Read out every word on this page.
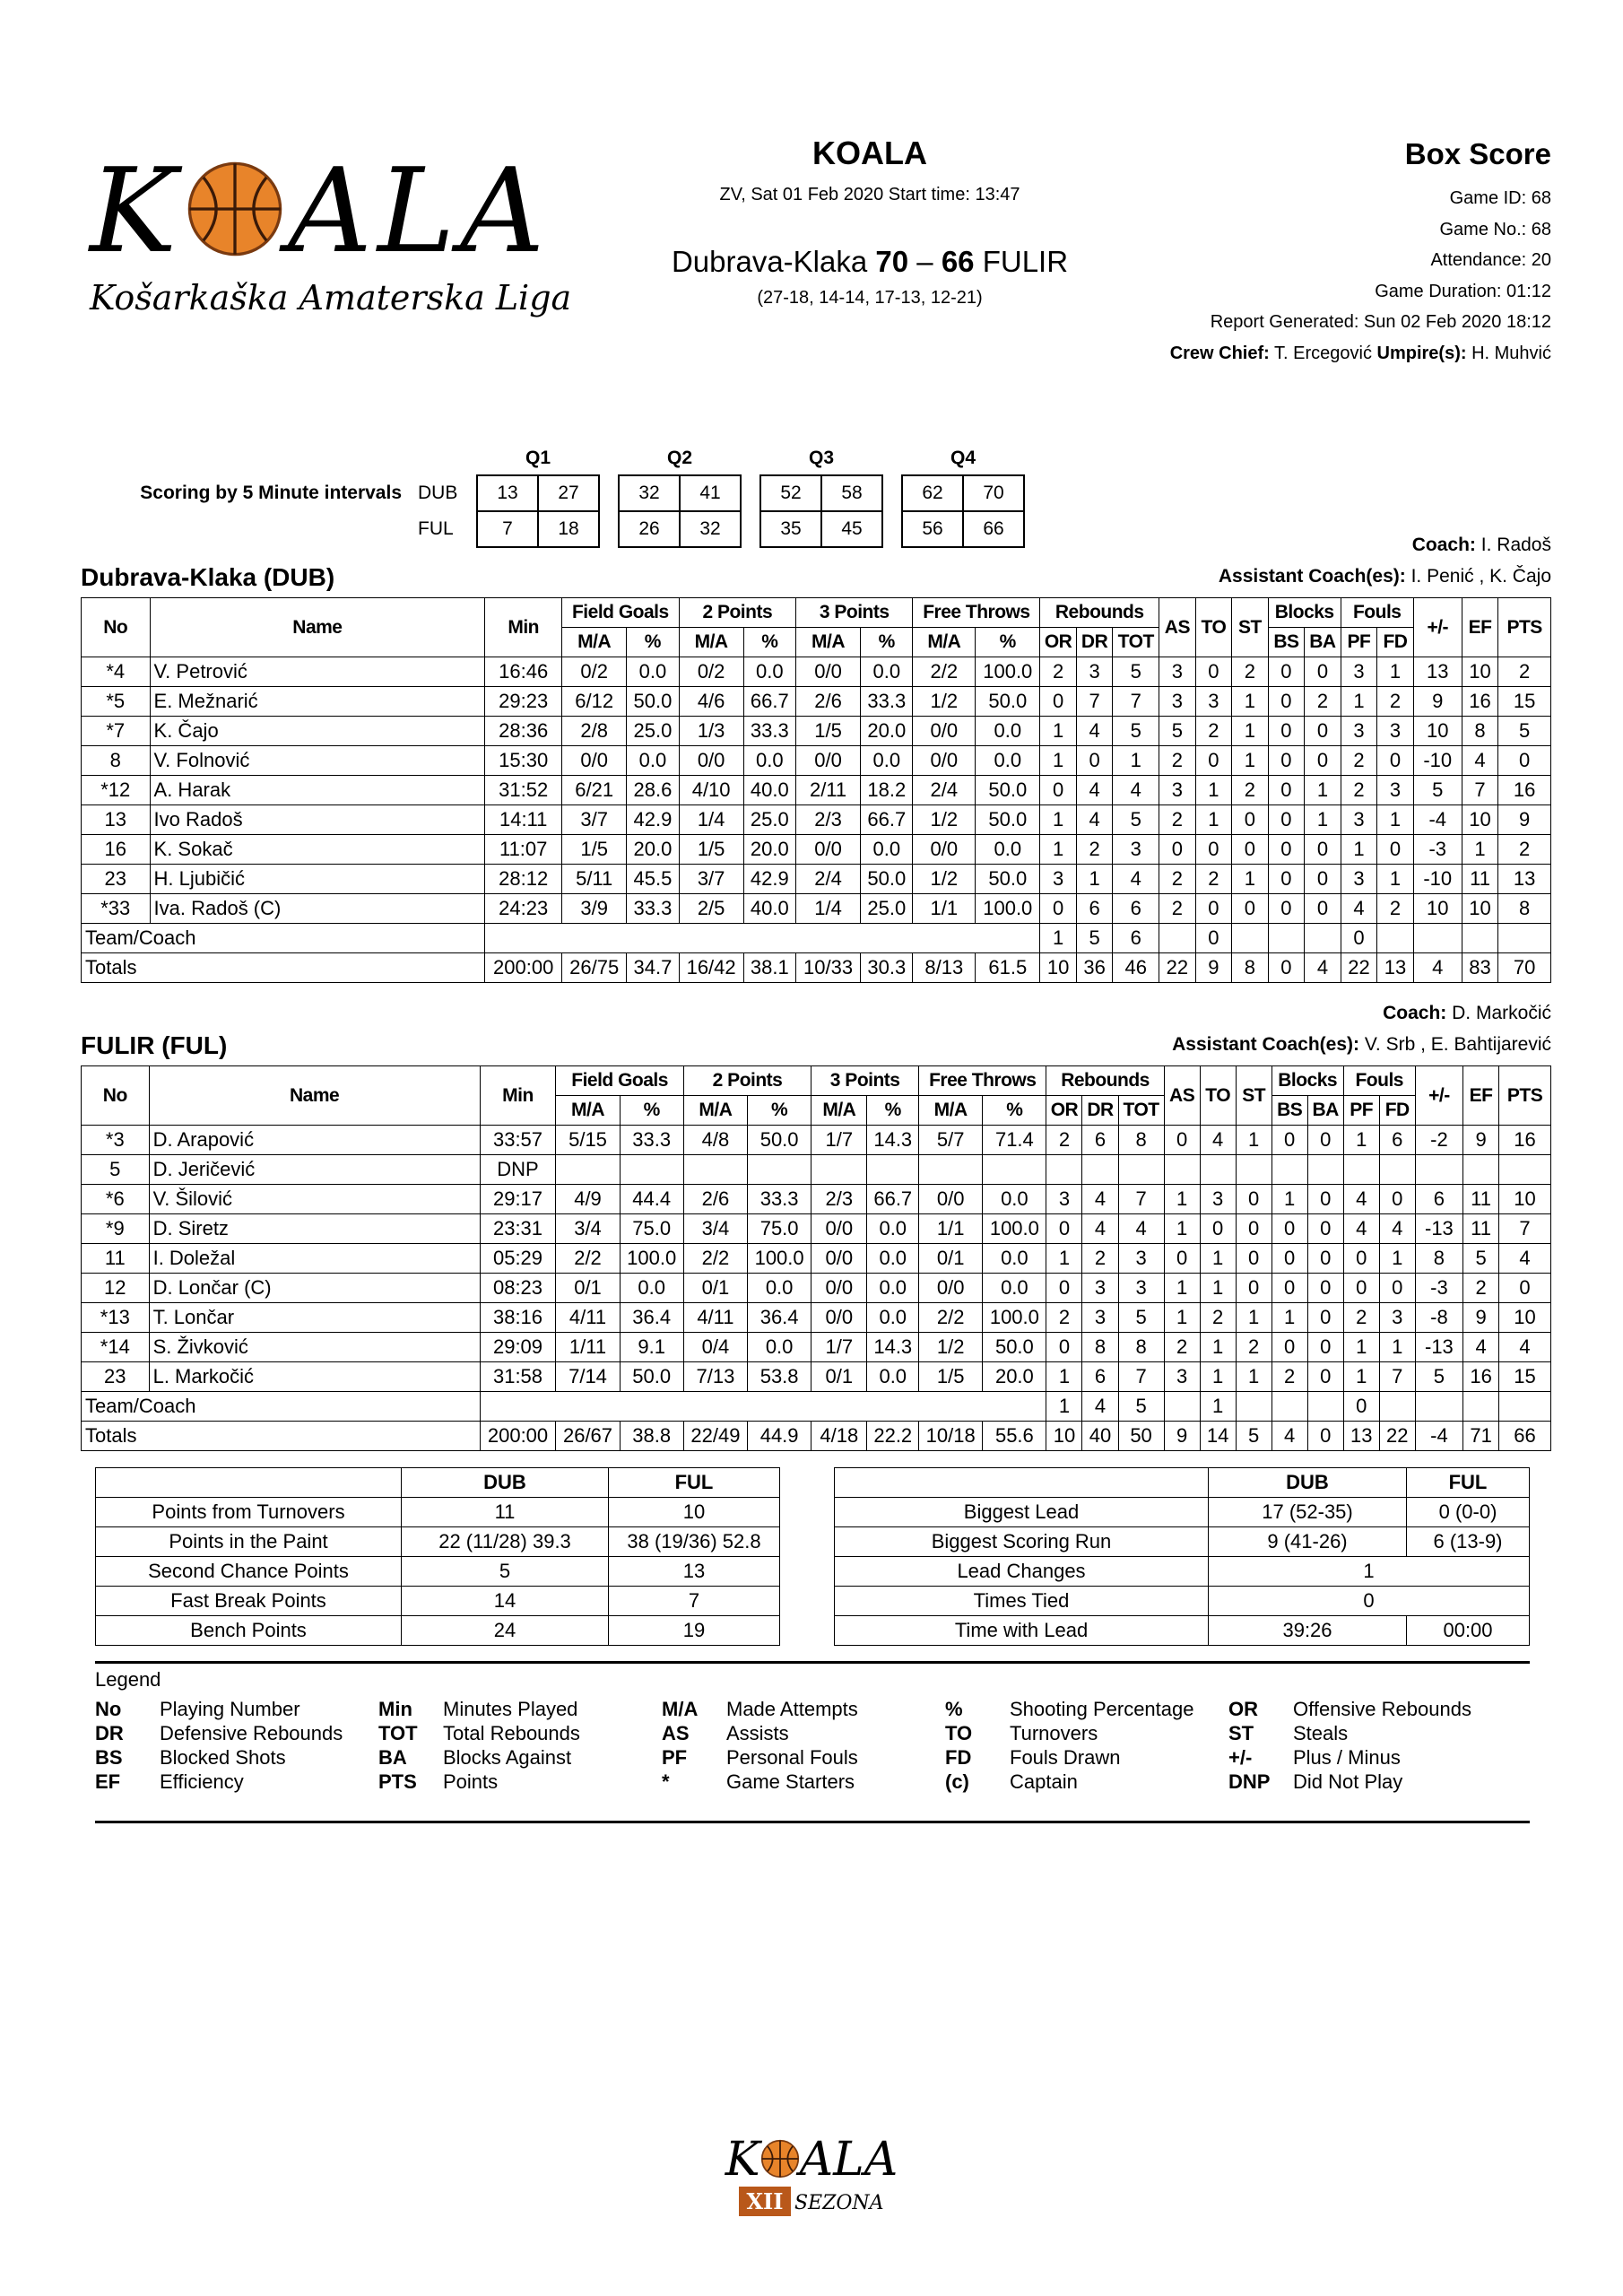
K ALA
Košarkaška Amaterska Liga
KOALA
ZV, Sat 01 Feb 2020 Start time: 13:47
Dubrava-Klaka 70 – 66 FULIR
(27-18, 14-14, 17-13, 12-21)
Box Score
Game ID: 68
Game No.: 68
Attendance: 20
Game Duration: 01:12
Report Generated: Sun 02 Feb 2020 18:12
Crew Chief: T. Ercegović Umpire(s): H. Muhvić
		Q1			Q2			Q3			Q4	
Scoring by 5 Minute intervals	DUB	13	27		32	41		52	58		62	70
	FUL	7	18		26	32		35	45		56	66
Coach: I. Radoš
Assistant Coach(es): I. Penić , K. Čajo
Dubrava-Klaka (DUB)
No	Name	Min	Field Goals		2 Points		3 Points		Free Throws		Rebounds			AS	TO	ST	Blocks		Fouls		+/-	EF	PTS
			M/A	%	M/A	%	M/A	%	M/A	%	OR	DR	TOT				BS	BA	PF	FD			
*4	V. Petrović	16:46	0/2	0.0	0/2	0.0	0/0	0.0	2/2	100.0	2	3	5	3	0	2	0	0	3	1	13	10	2
*5	E. Mežnarić	29:23	6/12	50.0	4/6	66.7	2/6	33.3	1/2	50.0	0	7	7	3	3	1	0	2	1	2	9	16	15
*7	K. Čajo	28:36	2/8	25.0	1/3	33.3	1/5	20.0	0/0	0.0	1	4	5	5	2	1	0	0	3	3	10	8	5
8	V. Folnović	15:30	0/0	0.0	0/0	0.0	0/0	0.0	0/0	0.0	1	0	1	2	0	1	0	0	2	0	-10	4	0
*12	A. Harak	31:52	6/21	28.6	4/10	40.0	2/11	18.2	2/4	50.0	0	4	4	3	1	2	0	1	2	3	5	7	16
13	Ivo Radoš	14:11	3/7	42.9	1/4	25.0	2/3	66.7	1/2	50.0	1	4	5	2	1	0	0	1	3	1	-4	10	9
16	K. Sokač	11:07	1/5	20.0	1/5	20.0	0/0	0.0	0/0	0.0	1	2	3	0	0	0	0	0	1	0	-3	1	2
23	H. Ljubičić	28:12	5/11	45.5	3/7	42.9	2/4	50.0	1/2	50.0	3	1	4	2	2	1	0	0	3	1	-10	11	13
*33	Iva. Radoš (C)	24:23	3/9	33.3	2/5	40.0	1/4	25.0	1/1	100.0	0	6	6	2	0	0	0	0	4	2	10	10	8
Team/Coach											1	5	6		0				0				
Totals		200:00	26/75	34.7	16/42	38.1	10/33	30.3	8/13	61.5	10	36	46	22	9	8	0	4	22	13	4	83	70
Coach: D. Markočić
Assistant Coach(es): V. Srb , E. Bahtijarević
FULIR (FUL)
No	Name	Min	Field Goals		2 Points		3 Points		Free Throws		Rebounds			AS	TO	ST	Blocks		Fouls		+/-	EF	PTS
			M/A	%	M/A	%	M/A	%	M/A	%	OR	DR	TOT				BS	BA	PF	FD			
*3	D. Arapović	33:57	5/15	33.3	4/8	50.0	1/7	14.3	5/7	71.4	2	6	8	0	4	1	0	0	1	6	-2	9	16
5	D. Jeričević	DNP																					
*6	V. Šilović	29:17	4/9	44.4	2/6	33.3	2/3	66.7	0/0	0.0	3	4	7	1	3	0	1	0	4	0	6	11	10
*9	D. Siretz	23:31	3/4	75.0	3/4	75.0	0/0	0.0	1/1	100.0	0	4	4	1	0	0	0	0	4	4	-13	11	7
11	I. Doležal	05:29	2/2	100.0	2/2	100.0	0/0	0.0	0/1	0.0	1	2	3	0	1	0	0	0	0	1	8	5	4
12	D. Lončar (C)	08:23	0/1	0.0	0/1	0.0	0/0	0.0	0/0	0.0	0	3	3	1	1	0	0	0	0	0	-3	2	0
*13	T. Lončar	38:16	4/11	36.4	4/11	36.4	0/0	0.0	2/2	100.0	2	3	5	1	2	1	1	0	2	3	-8	9	10
*14	S. Živković	29:09	1/11	9.1	0/4	0.0	1/7	14.3	1/2	50.0	0	8	8	2	1	2	0	0	1	1	-13	4	4
23	L. Markočić	31:58	7/14	50.0	7/13	53.8	0/1	0.0	1/5	20.0	1	6	7	3	1	1	2	0	1	7	5	16	15
Team/Coach											1	4	5		1				0				
Totals		200:00	26/67	38.8	22/49	44.9	4/18	22.2	10/18	55.6	10	40	50	9	14	5	4	0	13	22	-4	71	66
	DUB	FUL
Points from Turnovers	11	10
Points in the Paint	22 (11/28) 39.3	38 (19/36) 52.8
Second Chance Points	5	13
Fast Break Points	14	7
Bench Points	24	19
	DUB	FUL
Biggest Lead	17 (52-35)	0 (0-0)
Biggest Scoring Run	9 (41-26)	6 (13-9)
Lead Changes	1	
Times Tied	0	
Time with Lead	39:26	00:00
Legend
No	Playing Number	Min	Minutes Played	M/A	Made Attempts	%	Shooting Percentage	OR	Offensive Rebounds
DR	Defensive Rebounds	TOT	Total Rebounds	AS	Assists	TO	Turnovers	ST	Steals
BS	Blocked Shots	BA	Blocks Against	PF	Personal Fouls	FD	Fouls Drawn	+/-	Plus / Minus
EF	Efficiency	PTS	Points	*	Game Starters	(c)	Captain	DNP	Did Not Play
K ALA
XII SEZONA
